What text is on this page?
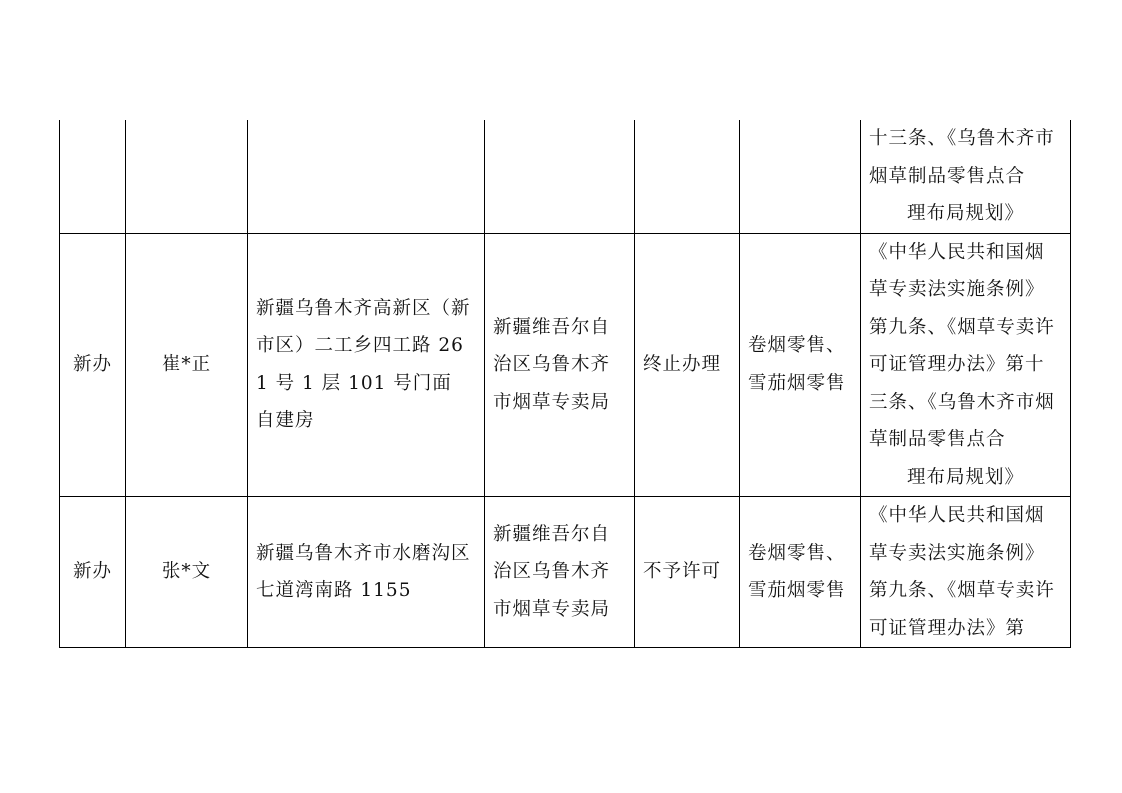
						十三条、《乌鲁木齐市烟草制品零售点合
理布局规划》

新办	崔*正	新疆乌鲁木齐高新区（新市区）二工乡四工路 261 号 1 层 101 号门面 自建房	新疆维吾尔自治区乌鲁木齐市烟草专卖局	终止办理	卷烟零售、雪茄烟零售	《中华人民共和国烟草专卖法实施条例》第九条、《烟草专卖许可证管理办法》第十三条、《乌鲁木齐市烟草制品零售点合
理布局规划》

新办	张*文	新疆乌鲁木齐市水磨沟区七道湾南路 1155	新疆维吾尔自治区乌鲁木齐市烟草专卖局	不予许可	卷烟零售、雪茄烟零售	《中华人民共和国烟草专卖法实施条例》第九条、《烟草专卖许可证管理办法》第
